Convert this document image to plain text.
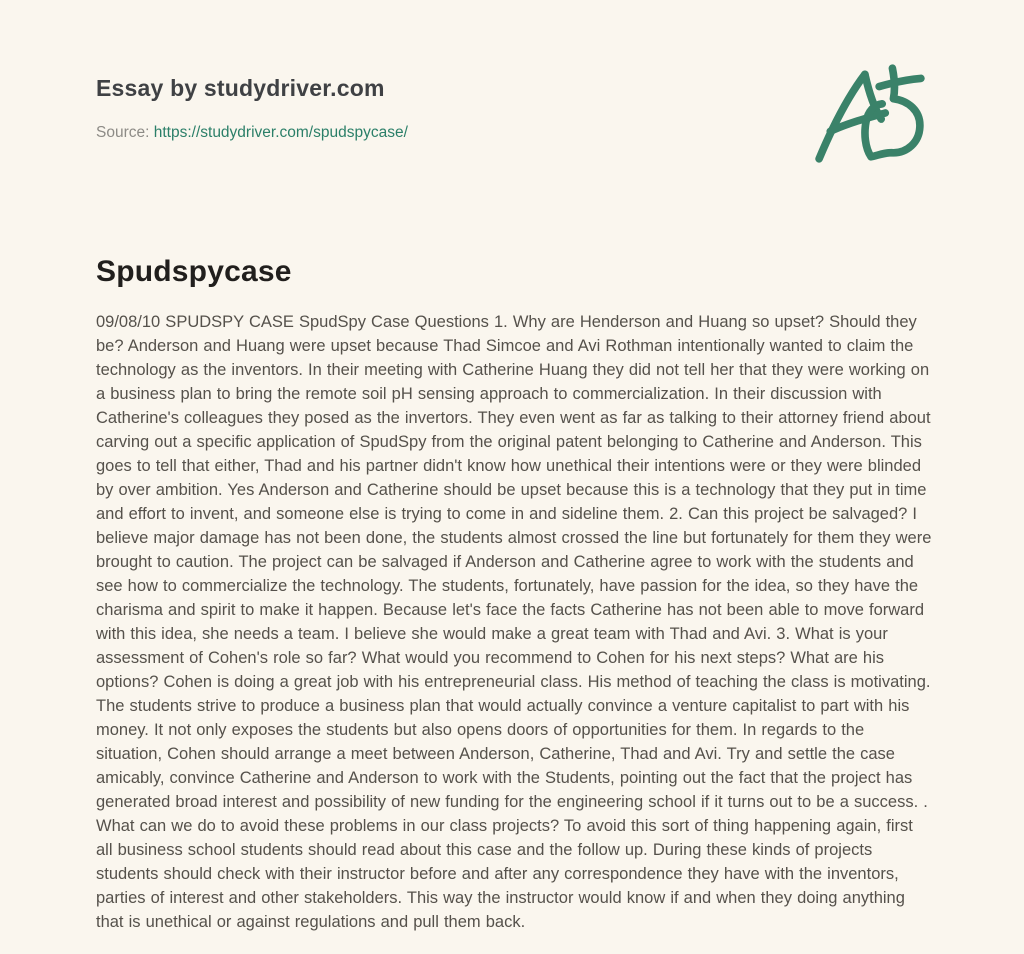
Essay by studydriver.com
Source: https://studydriver.com/spudspycase/
Spudspycase
09/08/10 SPUDSPY CASE SpudSpy Case Questions 1. Why are Henderson and Huang so upset? Should they be? Anderson and Huang were upset because Thad Simcoe and Avi Rothman intentionally wanted to claim the technology as the inventors. In their meeting with Catherine Huang they did not tell her that they were working on a business plan to bring the remote soil pH sensing approach to commercialization. In their discussion with Catherine's colleagues they posed as the invertors. They even went as far as talking to their attorney friend about carving out a specific application of SpudSpy from the original patent belonging to Catherine and Anderson. This goes to tell that either, Thad and his partner didn't know how unethical their intentions were or they were blinded by over ambition. Yes Anderson and Catherine should be upset because this is a technology that they put in time and effort to invent, and someone else is trying to come in and sideline them. 2. Can this project be salvaged? I believe major damage has not been done, the students almost crossed the line but fortunately for them they were brought to caution. The project can be salvaged if Anderson and Catherine agree to work with the students and see how to commercialize the technology. The students, fortunately, have passion for the idea, so they have the charisma and spirit to make it happen. Because let's face the facts Catherine has not been able to move forward with this idea, she needs a team. I believe she would make a great team with Thad and Avi. 3. What is your assessment of Cohen's role so far? What would you recommend to Cohen for his next steps? What are his options? Cohen is doing a great job with his entrepreneurial class. His method of teaching the class is motivating. The students strive to produce a business plan that would actually convince a venture capitalist to part with his money. It not only exposes the students but also opens doors of opportunities for them. In regards to the situation, Cohen should arrange a meet between Anderson, Catherine, Thad and Avi. Try and settle the case amicably, convince Catherine and Anderson to work with the Students, pointing out the fact that the project has generated broad interest and possibility of new funding for the engineering school if it turns out to be a success. . What can we do to avoid these problems in our class projects? To avoid this sort of thing happening again, first all business school students should read about this case and the follow up. During these kinds of projects students should check with their instructor before and after any correspondence they have with the inventors, parties of interest and other stakeholders. This way the instructor would know if and when they doing anything that is unethical or against regulations and pull them back.
